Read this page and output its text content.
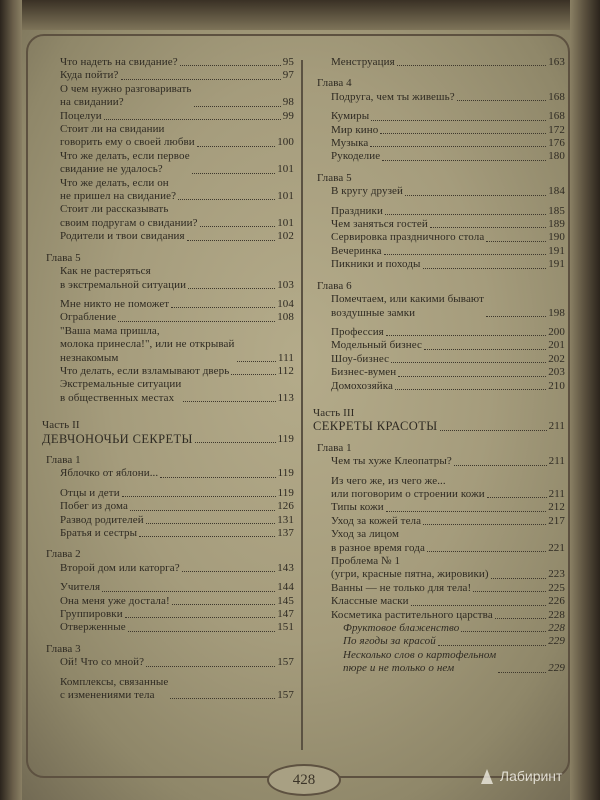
Что надеть на свидание?	95
Куда пойти?	97
О чем нужно разговаривать
на свидании?	98
Поцелуи	99
Стоит ли на свидании
говорить ему о своей любви	100
Что же делать, если первое
свидание не удалось?	101
Что же делать, если он
не пришел на свидание?	101
Стоит ли рассказывать
своим подругам о свидании?	101
Родители и твои свидания	102
Глава 5
Как не растеряться
в экстремальной ситуации	103
Мне никто не поможет	104
Ограбление	108
"Ваша мама пришла,
молока принесла!", или не открывай
незнакомым	111
Что делать, если взламывают дверь	112
Экстремальные ситуации
в общественных местах	113
Часть II
ДЕВЧОНОЧЬИ СЕКРЕТЫ	119
Глава 1
Яблочко от яблони...	119
Отцы и дети	119
Побег из дома	126
Развод родителей	131
Братья и сестры	137
Глава 2
Второй дом или каторга?	143
Учителя	144
Она меня уже достала!	145
Группировки	147
Отверженные	151
Глава 3
Ой! Что со мной?	157
Комплексы, связанные
с изменениями тела	157
Менструация	163
Глава 4
Подруга, чем ты живешь?	168
Кумиры	168
Мир кино	172
Музыка	176
Рукоделие	180
Глава 5
В кругу друзей	184
Праздники	185
Чем заняться гостей	189
Сервировка праздничного стола	190
Вечеринка	191
Пикники и походы	191
Глава 6
Помечтаем, или какими бывают
воздушные замки	198
Профессия	200
Модельный бизнес	201
Шоу-бизнес	202
Бизнес-вумен	203
Домохозяйка	210
Часть III
СЕКРЕТЫ КРАСОТЫ	211
Глава 1
Чем ты хуже Клеопатры?	211
Из чего же, из чего же...
или поговорим о строении кожи	211
Типы кожи	212
Уход за кожей тела	217
Уход за лицом
в разное время года	221
Проблема № 1
(угри, красные пятна, жировики)	223
Ванны — не только для тела!	225
Классные маски	226
Косметика растительного царства	228
Фруктовое блаженство	228
По ягоды за красой	229
Несколько слов о картофельном
пюре и не только о нем	229
428	Лабиринт
